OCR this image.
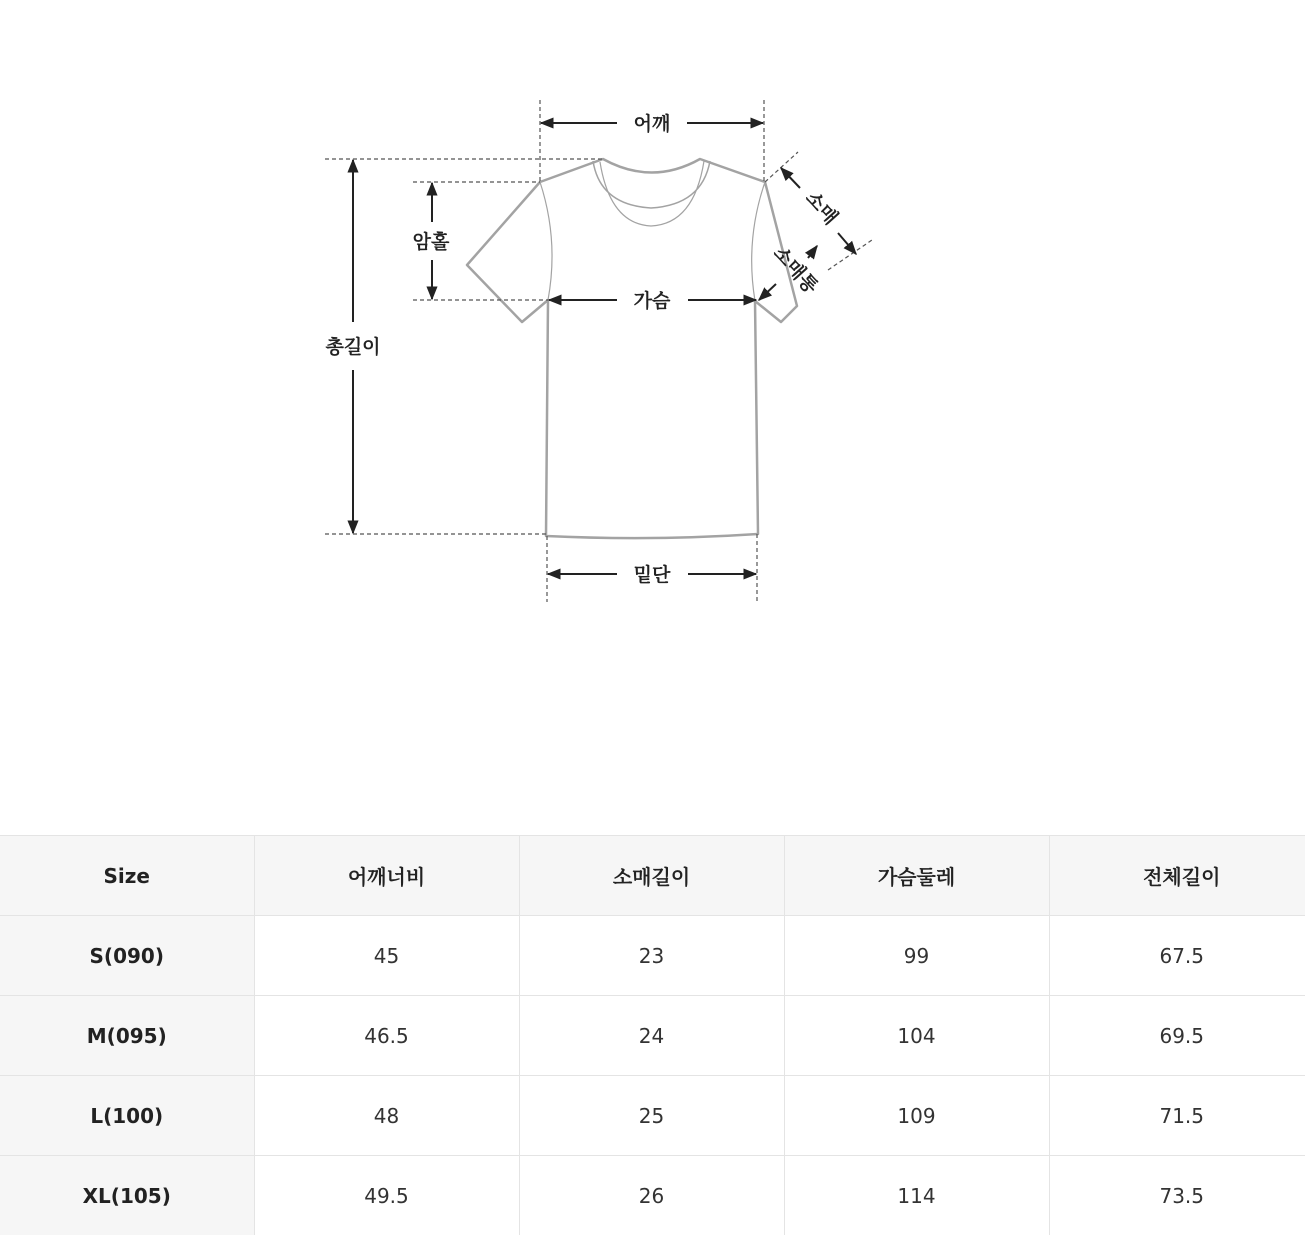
어깨
가슴
밑단
총길이
암홀
소매
소매통
Size	어깨너비	소매길이	가슴둘레	전체길이
S(090)	45	23	99	67.5
M(095)	46.5	24	104	69.5
L(100)	48	25	109	71.5
XL(105)	49.5	26	114	73.5
